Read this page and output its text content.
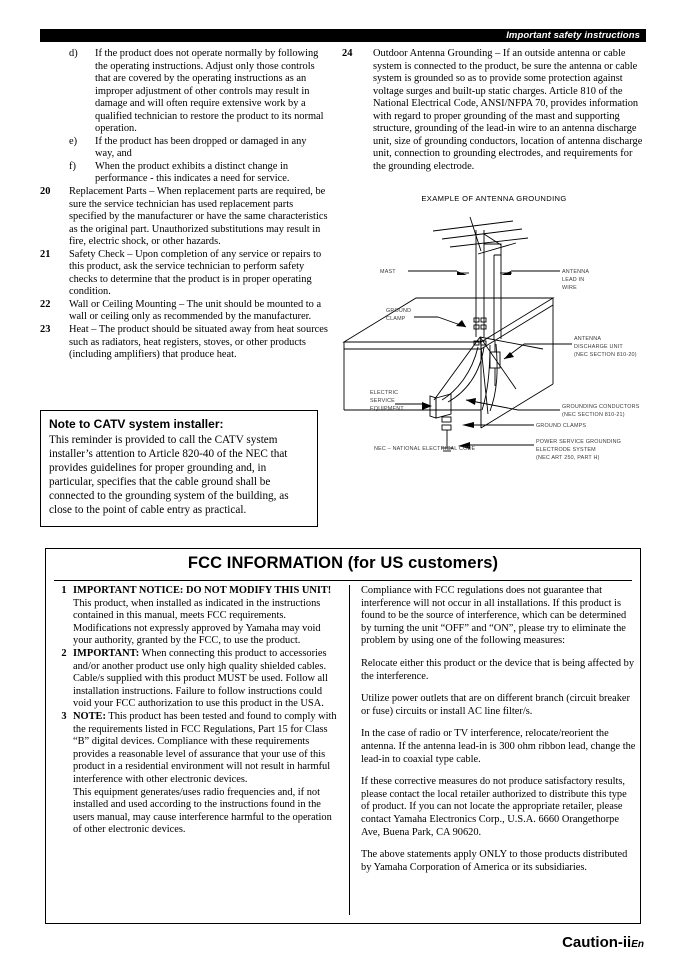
Important safety instructions
d)	If the product does not operate normally by following the operating instructions. Adjust only those controls that are covered by the operating instructions as an improper adjustment of other controls may result in damage and will often require extensive work by a qualified technician to restore the product to its normal operation.
e)	If the product has been dropped or damaged in any way, and
f)	When the product exhibits a distinct change in performance - this indicates a need for service.
20	Replacement Parts – When replacement parts are required, be sure the service technician has used replacement parts specified by the manufacturer or have the same characteristics as the original part. Unauthorized substitutions may result in fire, electric shock, or other hazards.
21	Safety Check – Upon completion of any service or repairs to this product, ask the service technician to perform safety checks to determine that the product is in proper operating condition.
22	Wall or Ceiling Mounting – The unit should be mounted to a wall or ceiling only as recommended by the manufacturer.
23	Heat – The product should be situated away from heat sources such as radiators, heat registers, stoves, or other products (including amplifiers) that produce heat.
Note to CATV system installer:
This reminder is provided to call the CATV system installer’s attention to Article 820-40 of the NEC that provides guidelines for proper grounding and, in particular, specifies that the cable ground shall be connected to the grounding system of the building, as close to the point of cable entry as practical.
24	Outdoor Antenna Grounding – If an outside antenna or cable system is connected to the product, be sure the antenna or cable system is grounded so as to provide some protection against voltage surges and built-up static charges. Article 810 of the National Electrical Code, ANSI/NFPA 70, provides information with regard to proper grounding of the mast and supporting structure, grounding of the lead-in wire to an antenna discharge unit, size of grounding conductors, location of antenna discharge unit, connection to grounding electrodes, and requirements for the grounding electrode.
EXAMPLE OF ANTENNA GROUNDING
MAST	ANTENNA
LEAD IN
WIRE
GROUND
CLAMP
ANTENNA
DISCHARGE UNIT
(NEC SECTION 810-20)
ELECTRIC
SERVICE
EQUIPMENT	GROUNDING CONDUCTORS
(NEC SECTION 810-21)
GROUND CLAMPS
POWER SERVICE GROUNDING
ELECTRODE SYSTEM
(NEC ART 250, PART H)
NEC – NATIONAL ELECTRICAL CODE
FCC INFORMATION (for US customers)
1 IMPORTANT NOTICE: DO NOT MODIFY THIS UNIT!
This product, when installed as indicated in the instructions contained in this manual, meets FCC requirements. Modifications not expressly approved by Yamaha may void your authority, granted by the FCC, to use the product.
2 IMPORTANT: When connecting this product to accessories and/or another product use only high quality shielded cables. Cable/s supplied with this product MUST be used. Follow all installation instructions. Failure to follow instructions could void your FCC authorization to use this product in the USA.
3 NOTE: This product has been tested and found to comply with the requirements listed in FCC Regulations, Part 15 for Class “B” digital devices. Compliance with these requirements provides a reasonable level of assurance that your use of this product in a residential environment will not result in harmful interference with other electronic devices.
This equipment generates/uses radio frequencies and, if not installed and used according to the instructions found in the users manual, may cause interference harmful to the operation of other electronic devices.
Compliance with FCC regulations does not guarantee that interference will not occur in all installations. If this product is found to be the source of interference, which can be determined by turning the unit “OFF” and “ON”, please try to eliminate the problem by using one of the following measures:
Relocate either this product or the device that is being affected by the interference.
Utilize power outlets that are on different branch (circuit breaker or fuse) circuits or install AC line filter/s.
In the case of radio or TV interference, relocate/reorient the antenna. If the antenna lead-in is 300 ohm ribbon lead, change the lead-in to coaxial type cable.
If these corrective measures do not produce satisfactory results, please contact the local retailer authorized to distribute this type of product. If you can not locate the appropriate retailer, please contact Yamaha Electronics Corp., U.S.A. 6660 Orangethorpe Ave, Buena Park, CA 90620.
The above statements apply ONLY to those products distributed by Yamaha Corporation of America or its subsidiaries.
Caution-iiEn
